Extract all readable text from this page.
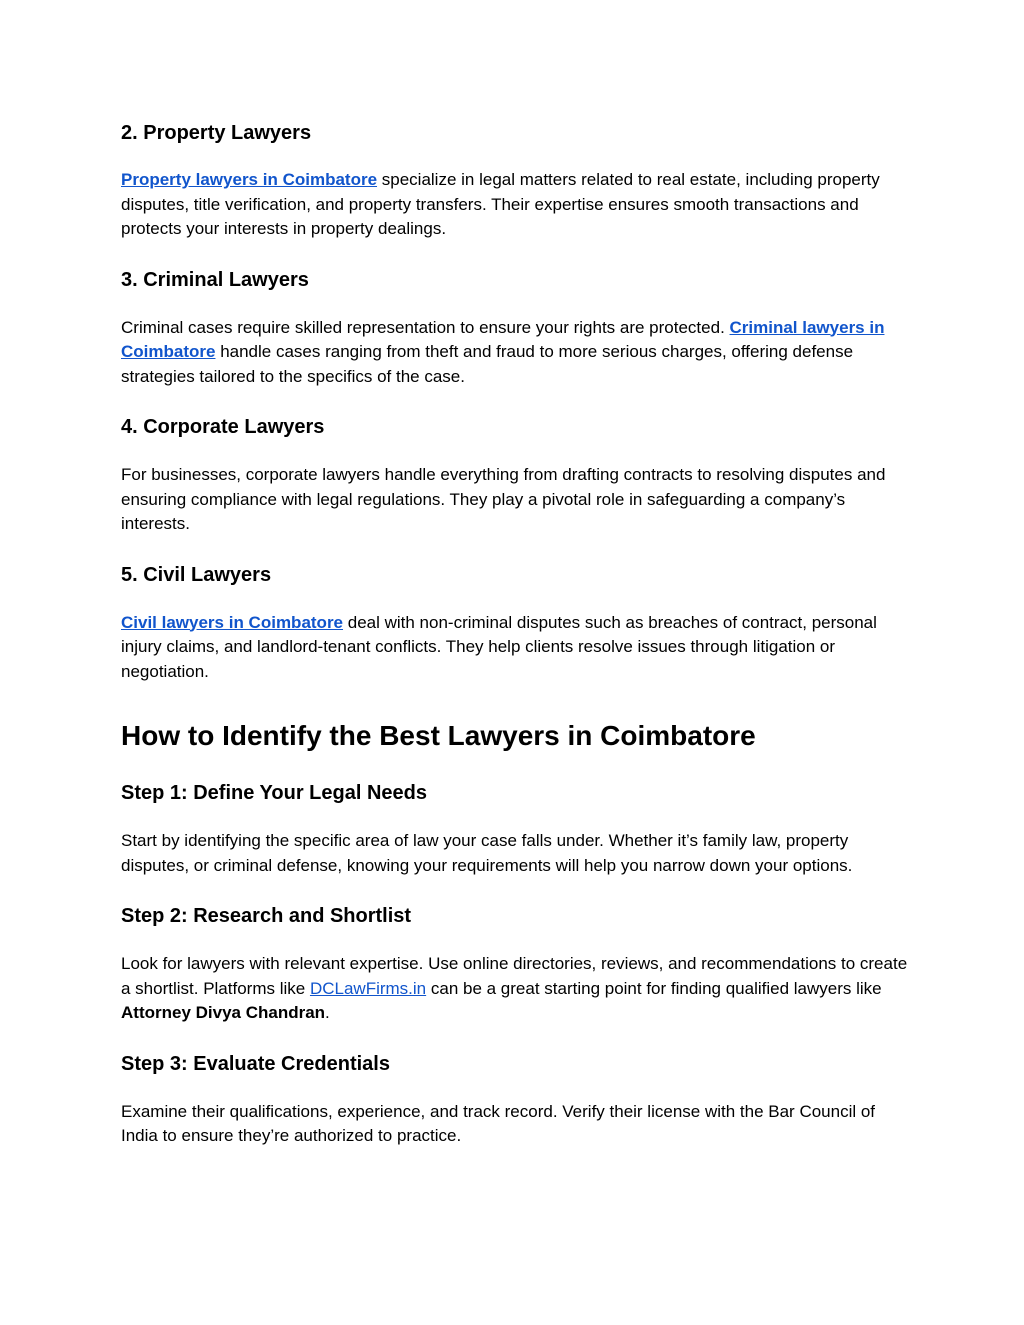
2. Property Lawyers

Property lawyers in Coimbatore specialize in legal matters related to real estate, including property disputes, title verification, and property transfers. Their expertise ensures smooth transactions and protects your interests in property dealings.

3. Criminal Lawyers

Criminal cases require skilled representation to ensure your rights are protected. Criminal lawyers in Coimbatore handle cases ranging from theft and fraud to more serious charges, offering defense strategies tailored to the specifics of the case.

4. Corporate Lawyers

For businesses, corporate lawyers handle everything from drafting contracts to resolving disputes and ensuring compliance with legal regulations. They play a pivotal role in safeguarding a company’s interests.

5. Civil Lawyers

Civil lawyers in Coimbatore deal with non-criminal disputes such as breaches of contract, personal injury claims, and landlord-tenant conflicts. They help clients resolve issues through litigation or negotiation.

How to Identify the Best Lawyers in Coimbatore
Step 1: Define Your Legal Needs

Start by identifying the specific area of law your case falls under. Whether it’s family law, property disputes, or criminal defense, knowing your requirements will help you narrow down your options.

Step 2: Research and Shortlist

Look for lawyers with relevant expertise. Use online directories, reviews, and recommendations to create a shortlist. Platforms like DCLawFirms.in can be a great starting point for finding qualified lawyers like Attorney Divya Chandran.

Step 3: Evaluate Credentials

Examine their qualifications, experience, and track record. Verify their license with the Bar Council of India to ensure they’re authorized to practice.
